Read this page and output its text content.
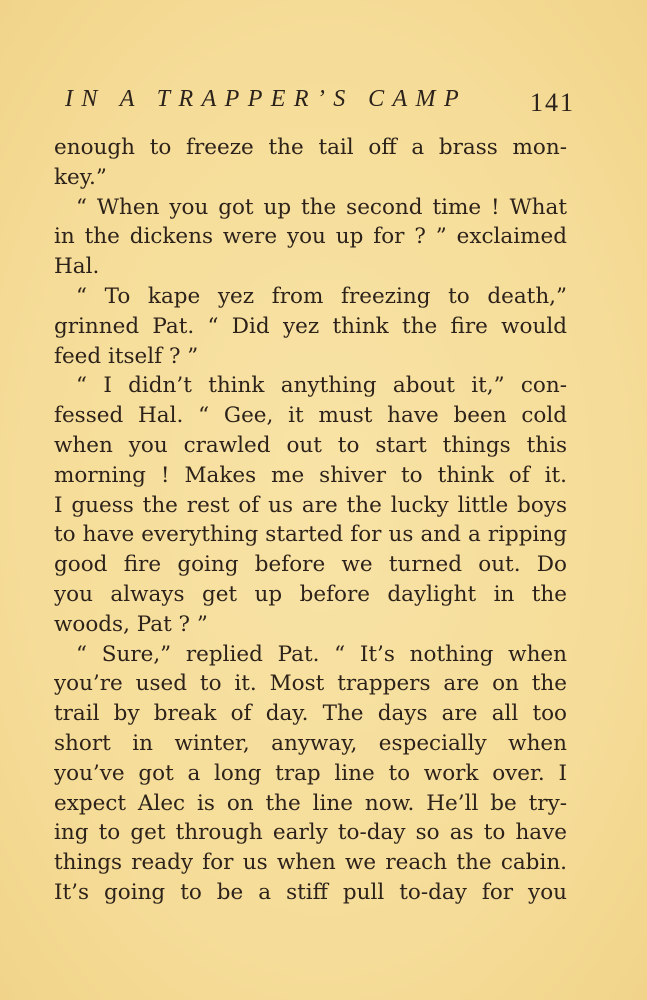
IN A TRAPPER’S CAMP 141
enough to freeze the tail off a brass mon-
key.”
“ When you got up the second time ! What
in the dickens were you up for ? ” exclaimed
Hal.
“ To kape yez from freezing to death,”
grinned Pat. “ Did yez think the fire would
feed itself ? ”
“ I didn’t think anything about it,” con-
fessed Hal. “ Gee, it must have been cold
when you crawled out to start things this
morning ! Makes me shiver to think of it.
I guess the rest of us are the lucky little boys
to have everything started for us and a ripping
good fire going before we turned out. Do
you always get up before daylight in the
woods, Pat ? ”
“ Sure,” replied Pat. “ It’s nothing when
you’re used to it. Most trappers are on the
trail by break of day. The days are all too
short in winter, anyway, especially when
you’ve got a long trap line to work over. I
expect Alec is on the line now. He’ll be try-
ing to get through early to-day so as to have
things ready for us when we reach the cabin.
It’s going to be a stiff pull to-day for you
